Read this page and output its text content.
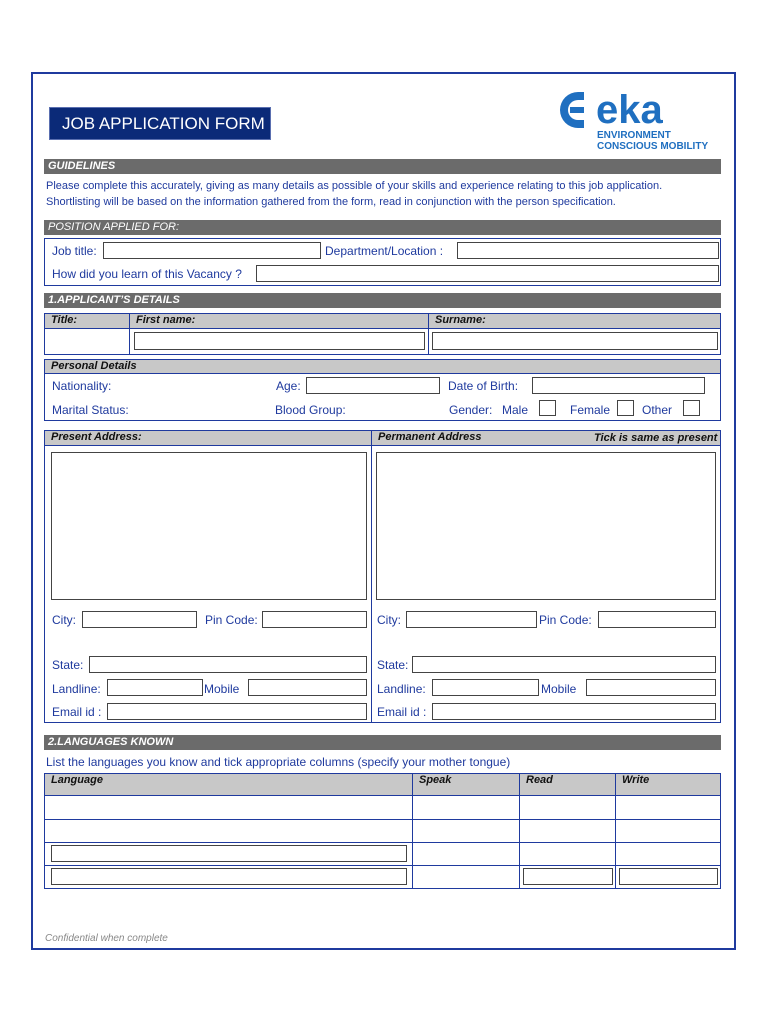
JOB APPLICATION FORM	eka
ENVIRONMENT
CONSCIOUS MOBILITY
GUIDELINES
Please complete this accurately, giving as many details as possible of your skills and experience relating to this job application.
Shortlisting will be based on the information gathered from the form, read in conjunction with the person specification.
POSITION APPLIED FOR:
Job title:	Department/Location :
How did you learn of this Vacancy ?
1.APPLICANT’S DETAILS
Title:	First name:	Surname:
Personal Details
Nationality:	Age:	Date of Birth:
Marital Status:	Blood Group:	Gender: Male	Female	Other
Present Address:	Permanent Address	Tick is same as present
City:	Pin Code:
State:
Landline:	Mobile
Email id :
City:	Pin Code:
State:
Landline:	Mobile
Email id :
2.LANGUAGES KNOWN
List the languages you know and tick appropriate columns (specify your mother tongue)
Language	Speak	Read	Write
Confidential when complete
